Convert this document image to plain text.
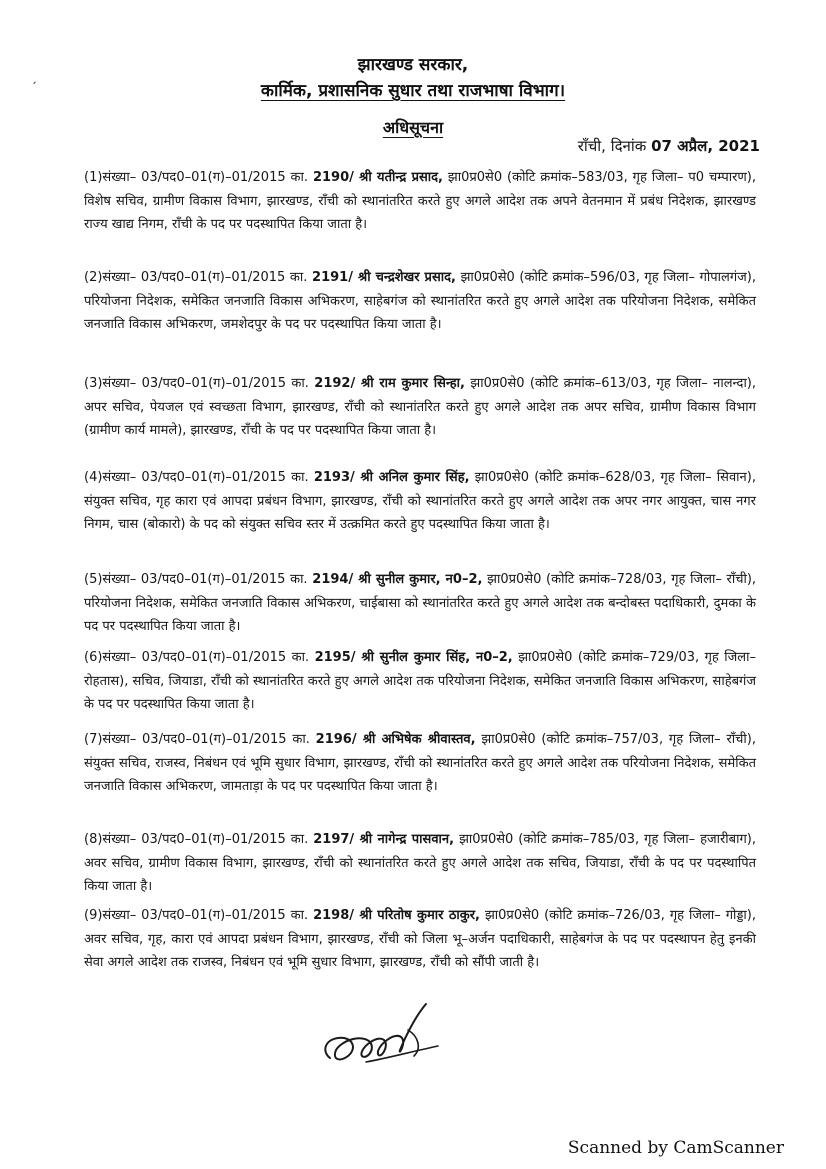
ˏ
झारखण्ड सरकार,
कार्मिक, प्रशासनिक सुधार तथा राजभाषा विभाग।
अधिसूचना
राँची, दिनांक 07 अप्रैल, 2021
(1)संख्या– 03/पद0–01(ग)–01/2015 का. 2190/ श्री यतीन्द्र प्रसाद, झा0प्र0से0 (कोटि क्रमांक–583/03, गृह जिला– प0 चम्पारण), विशेष सचिव, ग्रामीण विकास विभाग, झारखण्ड, राँची को स्थानांतरित करते हुए अगले आदेश तक अपने वेतनमान में प्रबंध निदेशक, झारखण्ड राज्य खाद्य निगम, राँची के पद पर पदस्थापित किया जाता है।
(2)संख्या– 03/पद0–01(ग)–01/2015 का. 2191/ श्री चन्द्रशेखर प्रसाद, झा0प्र0से0 (कोटि क्रमांक–596/03, गृह जिला– गोपालगंज), परियोजना निदेशक, समेकित जनजाति विकास अभिकरण, साहेबगंज को स्थानांतरित करते हुए अगले आदेश तक परियोजना निदेशक, समेकित जनजाति विकास अभिकरण, जमशेदपुर के पद पर पदस्थापित किया जाता है।
(3)संख्या– 03/पद0–01(ग)–01/2015 का. 2192/ श्री राम कुमार सिन्हा, झा0प्र0से0 (कोटि क्रमांक–613/03, गृह जिला– नालन्दा), अपर सचिव, पेयजल एवं स्वच्छता विभाग, झारखण्ड, राँची को स्थानांतरित करते हुए अगले आदेश तक अपर सचिव, ग्रामीण विकास विभाग (ग्रामीण कार्य मामले), झारखण्ड, राँची के पद पर पदस्थापित किया जाता है।
(4)संख्या– 03/पद0–01(ग)–01/2015 का. 2193/ श्री अनिल कुमार सिंह, झा0प्र0से0 (कोटि क्रमांक–628/03, गृह जिला– सिवान), संयुक्त सचिव, गृह कारा एवं आपदा प्रबंधन विभाग, झारखण्ड, राँची को स्थानांतरित करते हुए अगले आदेश तक अपर नगर आयुक्त, चास नगर निगम, चास (बोकारो) के पद को संयुक्त सचिव स्तर में उत्क्रमित करते हुए पदस्थापित किया जाता है।
(5)संख्या– 03/पद0–01(ग)–01/2015 का. 2194/ श्री सुनील कुमार, न0–2, झा0प्र0से0 (कोटि क्रमांक–728/03, गृह जिला– राँची), परियोजना निदेशक, समेकित जनजाति विकास अभिकरण, चाईबासा को स्थानांतरित करते हुए अगले आदेश तक बन्दोबस्त पदाधिकारी, दुमका के पद पर पदस्थापित किया जाता है।
(6)संख्या– 03/पद0–01(ग)–01/2015 का. 2195/ श्री सुनील कुमार सिंह, न0–2, झा0प्र0से0 (कोटि क्रमांक–729/03, गृह जिला– रोहतास), सचिव, जियाडा, राँची को स्थानांतरित करते हुए अगले आदेश तक परियोजना निदेशक, समेकित जनजाति विकास अभिकरण, साहेबगंज के पद पर पदस्थापित किया जाता है।
(7)संख्या– 03/पद0–01(ग)–01/2015 का. 2196/ श्री अभिषेक श्रीवास्तव, झा0प्र0से0 (कोटि क्रमांक–757/03, गृह जिला– राँची), संयुक्त सचिव, राजस्व, निबंधन एवं भूमि सुधार विभाग, झारखण्ड, राँची को स्थानांतरित करते हुए अगले आदेश तक परियोजना निदेशक, समेकित जनजाति विकास अभिकरण, जामताड़ा के पद पर पदस्थापित किया जाता है।
(8)संख्या– 03/पद0–01(ग)–01/2015 का. 2197/ श्री नागेन्द्र पासवान, झा0प्र0से0 (कोटि क्रमांक–785/03, गृह जिला– हजारीबाग), अवर सचिव, ग्रामीण विकास विभाग, झारखण्ड, राँची को स्थानांतरित करते हुए अगले आदेश तक सचिव, जियाडा, राँची के पद पर पदस्थापित किया जाता है।
(9)संख्या– 03/पद0–01(ग)–01/2015 का. 2198/ श्री परितोष कुमार ठाकुर, झा0प्र0से0 (कोटि क्रमांक–726/03, गृह जिला– गोड्डा), अवर सचिव, गृह, कारा एवं आपदा प्रबंधन विभाग, झारखण्ड, राँची को जिला भू–अर्जन पदाधिकारी, साहेबगंज के पद पर पदस्थापन हेतु इनकी सेवा अगले आदेश तक राजस्व, निबंधन एवं भूमि सुधार विभाग, झारखण्ड, राँची को सौंपी जाती है।
Scanned by CamScanner
